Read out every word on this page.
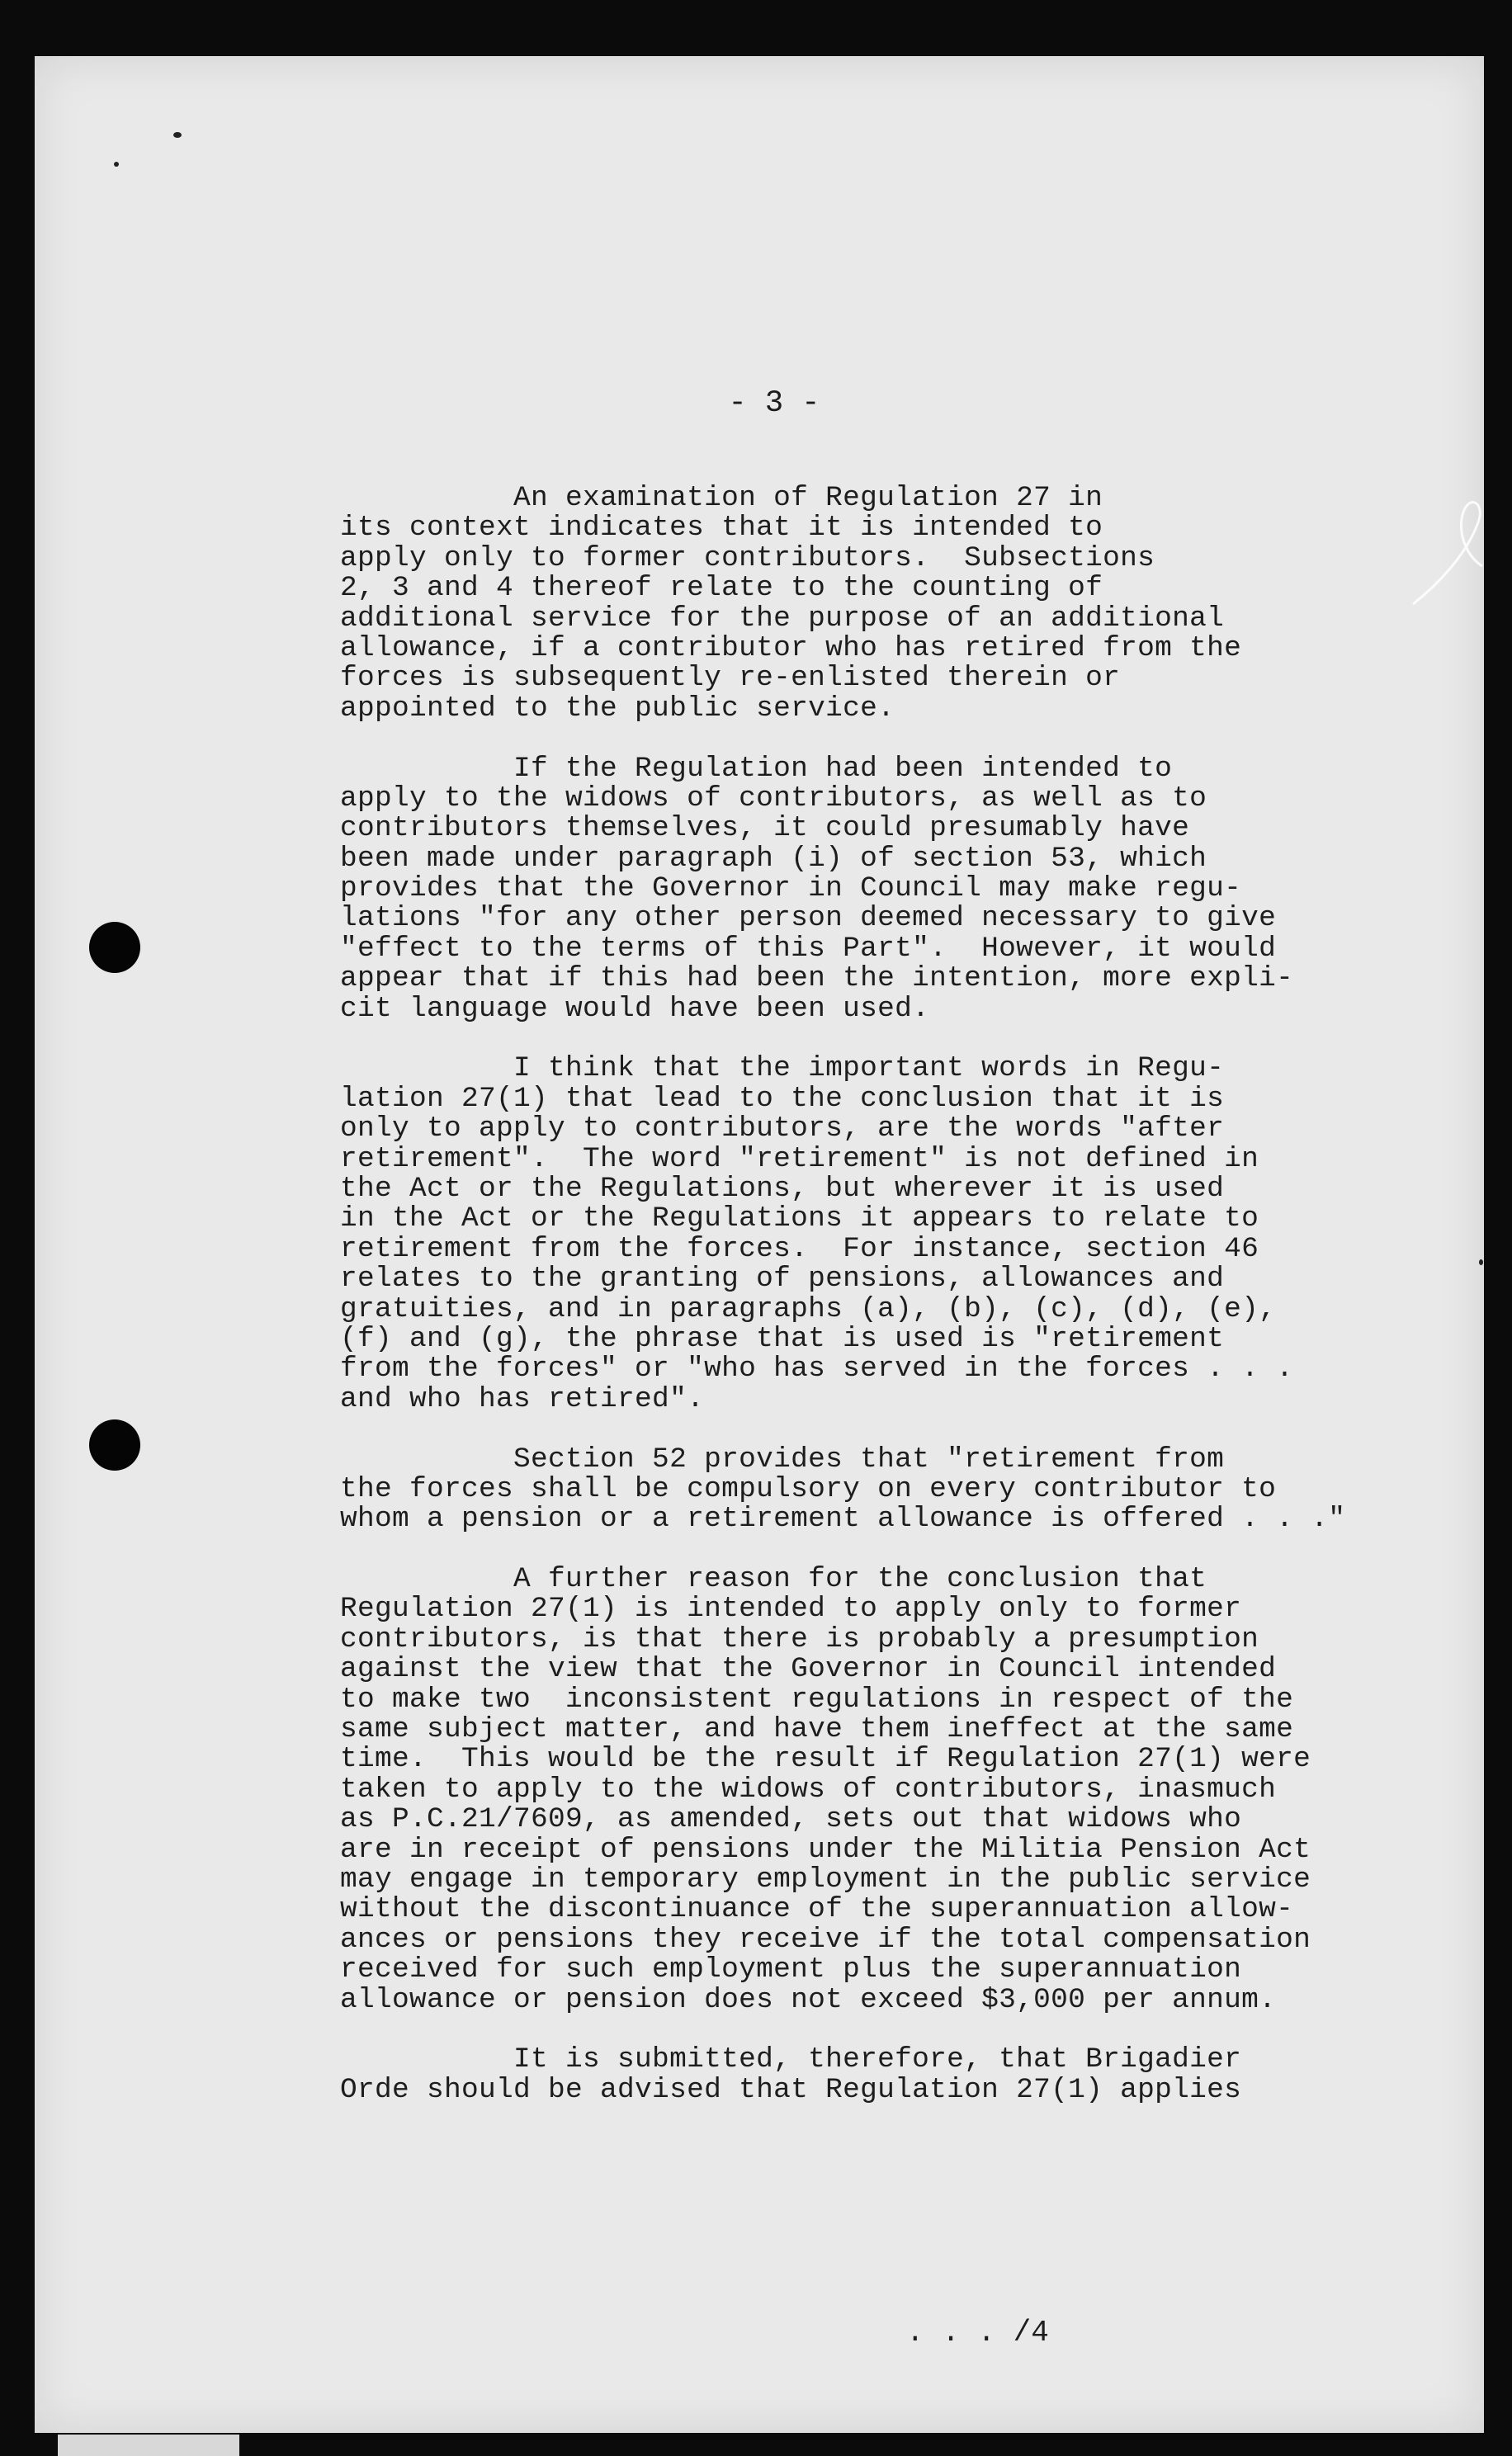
- 3 -
An examination of Regulation 27 in
its context indicates that it is intended to
apply only to former contributors.  Subsections
2, 3 and 4 thereof relate to the counting of
additional service for the purpose of an additional
allowance, if a contributor who has retired from the
forces is subsequently re-enlisted therein or
appointed to the public service.
If the Regulation had been intended to
apply to the widows of contributors, as well as to
contributors themselves, it could presumably have
been made under paragraph (i) of section 53, which
provides that the Governor in Council may make regu-
lations "for any other person deemed necessary to give
"effect to the terms of this Part".  However, it would
appear that if this had been the intention, more expli-
cit language would have been used.
I think that the important words in Regu-
lation 27(1) that lead to the conclusion that it is
only to apply to contributors, are the words "after
retirement".  The word "retirement" is not defined in
the Act or the Regulations, but wherever it is used
in the Act or the Regulations it appears to relate to
retirement from the forces.  For instance, section 46
relates to the granting of pensions, allowances and
gratuities, and in paragraphs (a), (b), (c), (d), (e),
(f) and (g), the phrase that is used is "retirement
from the forces" or "who has served in the forces . . .
and who has retired".
Section 52 provides that "retirement from
the forces shall be compulsory on every contributor to
whom a pension or a retirement allowance is offered . . ."
A further reason for the conclusion that
Regulation 27(1) is intended to apply only to former
contributors, is that there is probably a presumption
against the view that the Governor in Council intended
to make two  inconsistent regulations in respect of the
same subject matter, and have them ineffect at the same
time.  This would be the result if Regulation 27(1) were
taken to apply to the widows of contributors, inasmuch
as P.C.21/7609, as amended, sets out that widows who
are in receipt of pensions under the Militia Pension Act
may engage in temporary employment in the public service
without the discontinuance of the superannuation allow-
ances or pensions they receive if the total compensation
received for such employment plus the superannuation
allowance or pension does not exceed $3,000 per annum.
It is submitted, therefore, that Brigadier
Orde should be advised that Regulation 27(1) applies
. . . /4
